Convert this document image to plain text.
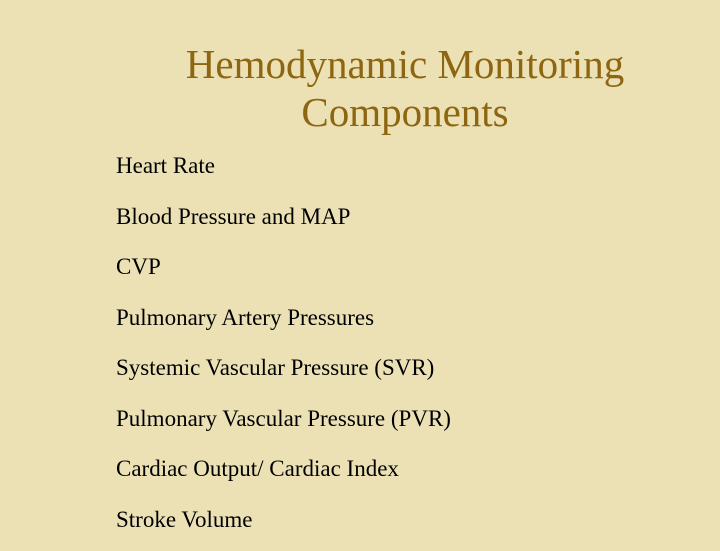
Hemodynamic Monitoring
Components
Heart Rate
Blood Pressure and MAP
CVP
Pulmonary Artery Pressures
Systemic Vascular Pressure (SVR)
Pulmonary Vascular Pressure (PVR)
Cardiac Output/ Cardiac Index
Stroke Volume
